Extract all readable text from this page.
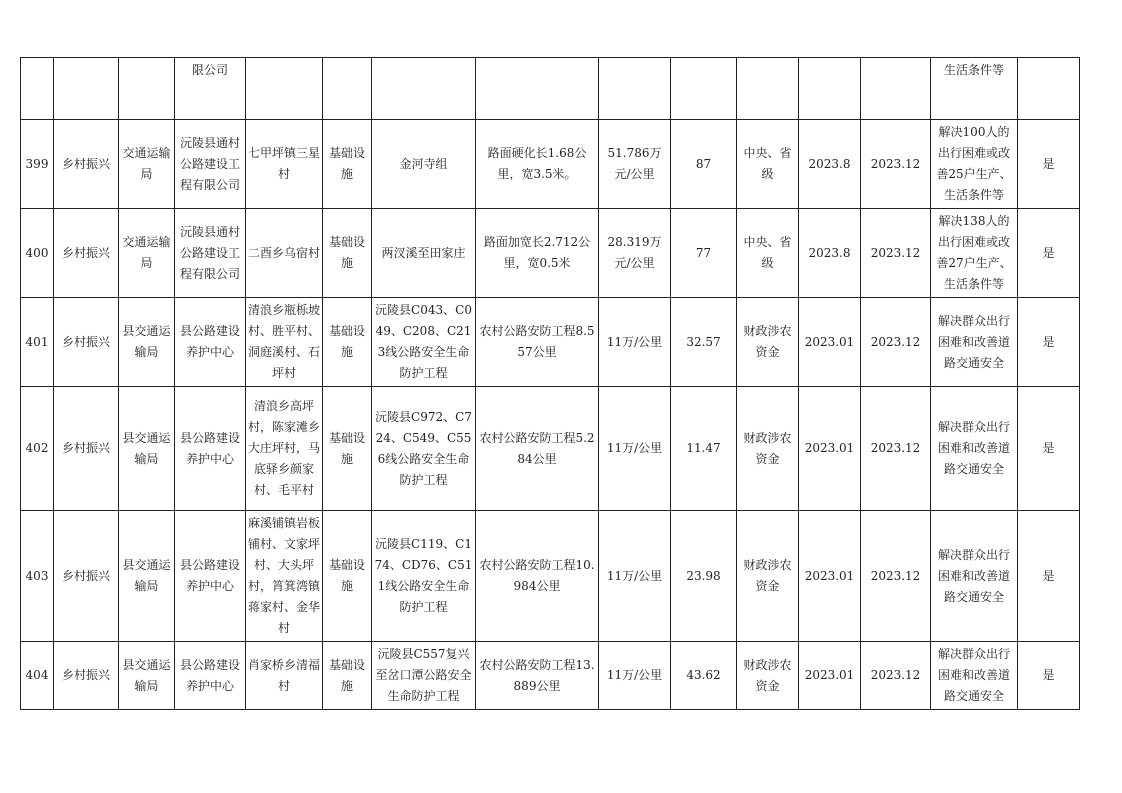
			限公司										生活条件等	

399	乡村振兴	交通运输局	沅陵县通村公路建设工程有限公司	七甲坪镇三星村	基础设施	金河寺组	路面硬化长1.68公里，宽3.5米。	51.786万元/公里	87	中央、省级	2023.8	2023.12	解决100人的出行困难或改善25户生产、生活条件等	是

400	乡村振兴	交通运输局	沅陵县通村公路建设工程有限公司	二酉乡乌宿村	基础设施	两汊溪至田家庄	路面加宽长2.712公里，宽0.5米	28.319万元/公里	77	中央、省级	2023.8	2023.12	解决138人的出行困难或改善27户生产、生活条件等	是

401	乡村振兴	县交通运输局	县公路建设养护中心	清浪乡瓶栎坡村、胜平村、洞庭溪村、石坪村	基础设施	沅陵县C043、C049、C208、C213线公路安全生命防护工程	农村公路安防工程8.557公里	11万/公里	32.57	财政涉农资金	2023.01	2023.12	解决群众出行困难和改善道路交通安全	是

402	乡村振兴	县交通运输局	县公路建设养护中心	清浪乡高坪村，陈家滩乡大庄坪村，马底驿乡颜家村、毛平村	基础设施	沅陵县C972、C724、C549、C556线公路安全生命防护工程	农村公路安防工程5.284公里	11万/公里	11.47	财政涉农资金	2023.01	2023.12	解决群众出行困难和改善道路交通安全	是

403	乡村振兴	县交通运输局	县公路建设养护中心	麻溪铺镇岩板铺村、文家坪村、大头坪村，筲箕湾镇蒋家村、金华村	基础设施	沅陵县C119、C174、CD76、C511线公路安全生命防护工程	农村公路安防工程10.984公里	11万/公里	23.98	财政涉农资金	2023.01	2023.12	解决群众出行困难和改善道路交通安全	是

404	乡村振兴	县交通运输局	县公路建设养护中心	肖家桥乡清福村	基础设施	沅陵县C557复兴至岔口潭公路安全生命防护工程	农村公路安防工程13.889公里	11万/公里	43.62	财政涉农资金	2023.01	2023.12	解决群众出行困难和改善道路交通安全	是
